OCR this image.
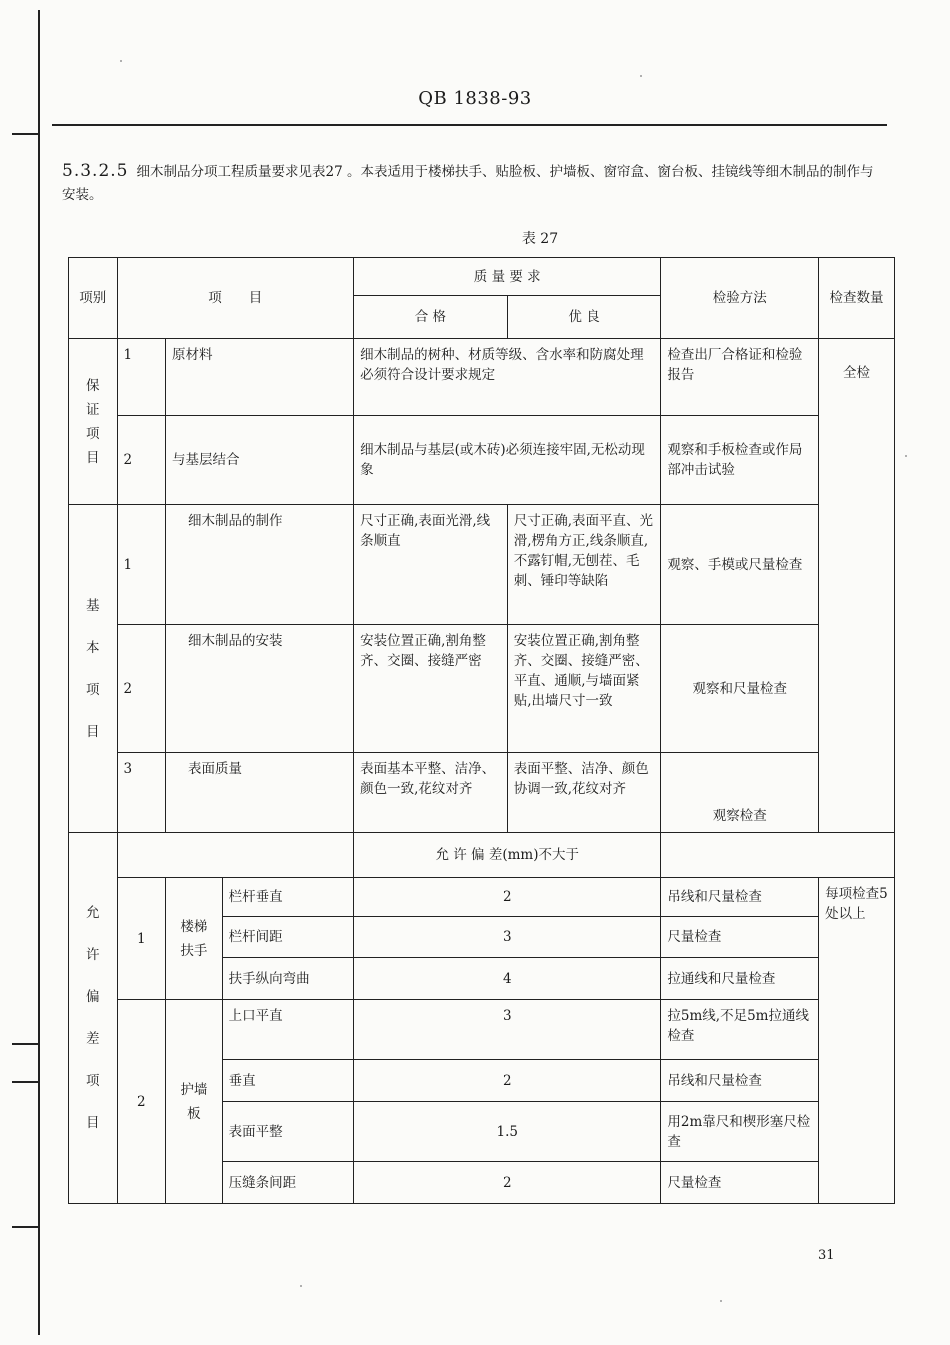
QB 1838-93
5.3.2.5 细木制品分项工程质量要求见表27 。本表适用于楼梯扶手、贴脸板、护墙板、窗帘盒、窗台板、挂镜线等细木制品的制作与安装。
表 27
项别	项　　目			质 量 要 求		检验方法	检查数量
				合 格	优 良		

保证项目	1	原材料		细木制品的树种、材质等级、含水率和防腐处理必须符合设计要求规定		检查出厂合格证和检验报告	全检
	2	与基层结合		细木制品与基层(或木砖)必须连接牢固,无松动现象		观察和手板检查或作局部冲击试验	

基本项目	1	细木制品的制作		尺寸正确,表面光滑,线条顺直	尺寸正确,表面平直、光滑,楞角方正,线条顺直,不露钉帽,无刨茬、毛刺、锤印等缺陷	观察、手模或尺量检查	
	2	细木制品的安装		安装位置正确,割角整齐、交圈、接缝严密	安装位置正确,割角整齐、交圈、接缝严密、平直、通顺,与墙面紧贴,出墙尺寸一致	观察和尺量检查	
	3	表面质量		表面基本平整、洁净、颜色一致,花纹对齐	表面平整、洁净、颜色协调一致,花纹对齐	观察检查	

允许偏差项目				允 许 偏 差(mm)不大于			
	1	楼梯扶手	栏杆垂直	2		吊线和尺量检查	每项检查5处以上
			栏杆间距	3		尺量检查	
			扶手纵向弯曲	4		拉通线和尺量检查	
	2	护墙板	上口平直	3		拉5m线,不足5m拉通线检查	
			垂直	2		吊线和尺量检查	
			表面平整	1.5		用2m靠尺和楔形塞尺检查	
			压缝条间距	2		尺量检查	
31
